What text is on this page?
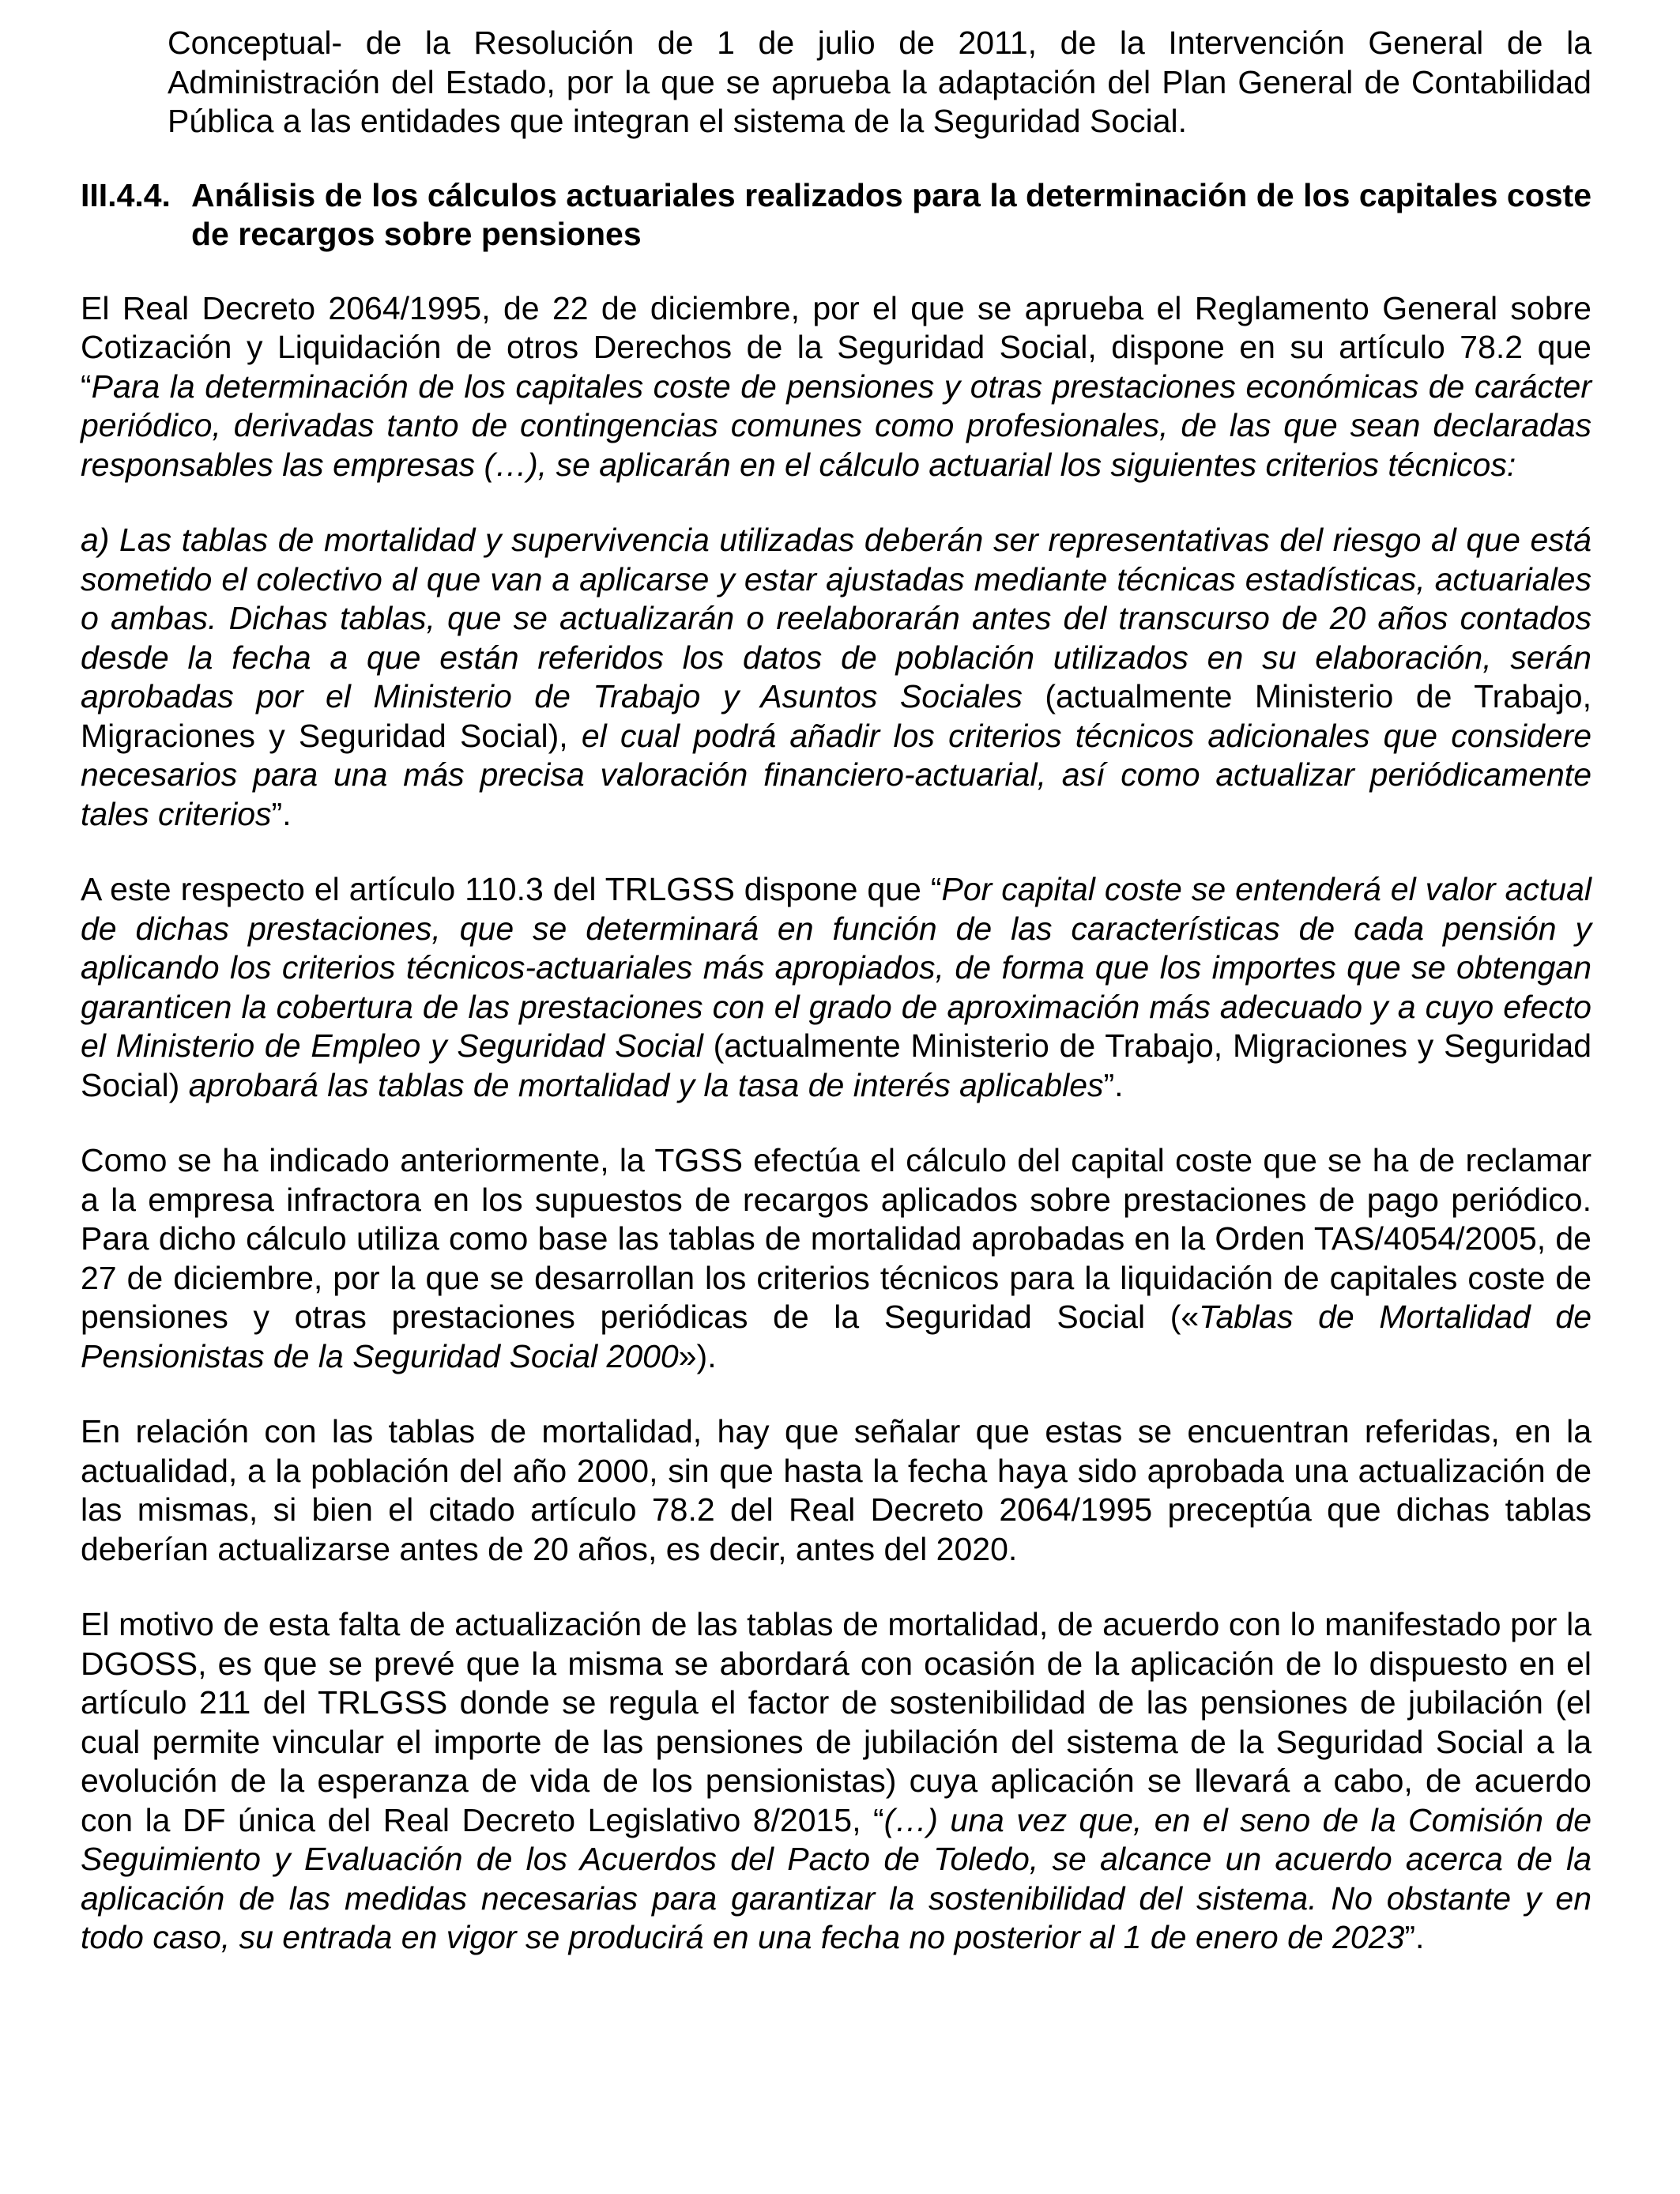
Conceptual- de la Resolución de 1 de julio de 2011, de la Intervención General de la Administración del Estado, por la que se aprueba la adaptación del Plan General de Contabilidad Pública a las entidades que integran el sistema de la Seguridad Social.

III.4.4. Análisis de los cálculos actuariales realizados para la determinación de los capitales coste de recargos sobre pensiones

El Real Decreto 2064/1995, de 22 de diciembre, por el que se aprueba el Reglamento General sobre Cotización y Liquidación de otros Derechos de la Seguridad Social, dispone en su artículo 78.2 que “Para la determinación de los capitales coste de pensiones y otras prestaciones económicas de carácter periódico, derivadas tanto de contingencias comunes como profesionales, de las que sean declaradas responsables las empresas (…), se aplicarán en el cálculo actuarial los siguientes criterios técnicos:

a) Las tablas de mortalidad y supervivencia utilizadas deberán ser representativas del riesgo al que está sometido el colectivo al que van a aplicarse y estar ajustadas mediante técnicas estadísticas, actuariales o ambas. Dichas tablas, que se actualizarán o reelaborarán antes del transcurso de 20 años contados desde la fecha a que están referidos los datos de población utilizados en su elaboración, serán aprobadas por el Ministerio de Trabajo y Asuntos Sociales (actualmente Ministerio de Trabajo, Migraciones y Seguridad Social), el cual podrá añadir los criterios técnicos adicionales que considere necesarios para una más precisa valoración financiero-actuarial, así como actualizar periódicamente tales criterios”.

A este respecto el artículo 110.3 del TRLGSS dispone que “Por capital coste se entenderá el valor actual de dichas prestaciones, que se determinará en función de las características de cada pensión y aplicando los criterios técnicos-actuariales más apropiados, de forma que los importes que se obtengan garanticen la cobertura de las prestaciones con el grado de aproximación más adecuado y a cuyo efecto el Ministerio de Empleo y Seguridad Social (actualmente Ministerio de Trabajo, Migraciones y Seguridad Social) aprobará las tablas de mortalidad y la tasa de interés aplicables”.

Como se ha indicado anteriormente, la TGSS efectúa el cálculo del capital coste que se ha de reclamar a la empresa infractora en los supuestos de recargos aplicados sobre prestaciones de pago periódico. Para dicho cálculo utiliza como base las tablas de mortalidad aprobadas en la Orden TAS/4054/2005, de 27 de diciembre, por la que se desarrollan los criterios técnicos para la liquidación de capitales coste de pensiones y otras prestaciones periódicas de la Seguridad Social («Tablas de Mortalidad de Pensionistas de la Seguridad Social 2000»).

En relación con las tablas de mortalidad, hay que señalar que estas se encuentran referidas, en la actualidad, a la población del año 2000, sin que hasta la fecha haya sido aprobada una actualización de las mismas, si bien el citado artículo 78.2 del Real Decreto 2064/1995 preceptúa que dichas tablas deberían actualizarse antes de 20 años, es decir, antes del 2020.

El motivo de esta falta de actualización de las tablas de mortalidad, de acuerdo con lo manifestado por la DGOSS, es que se prevé que la misma se abordará con ocasión de la aplicación de lo dispuesto en el artículo 211 del TRLGSS donde se regula el factor de sostenibilidad de las pensiones de jubilación (el cual permite vincular el importe de las pensiones de jubilación del sistema de la Seguridad Social a la evolución de la esperanza de vida de los pensionistas) cuya aplicación se llevará a cabo, de acuerdo con la DF única del Real Decreto Legislativo 8/2015, “(…) una vez que, en el seno de la Comisión de Seguimiento y Evaluación de los Acuerdos del Pacto de Toledo, se alcance un acuerdo acerca de la aplicación de las medidas necesarias para garantizar la sostenibilidad del sistema. No obstante y en todo caso, su entrada en vigor se producirá en una fecha no posterior al 1 de enero de 2023”.
